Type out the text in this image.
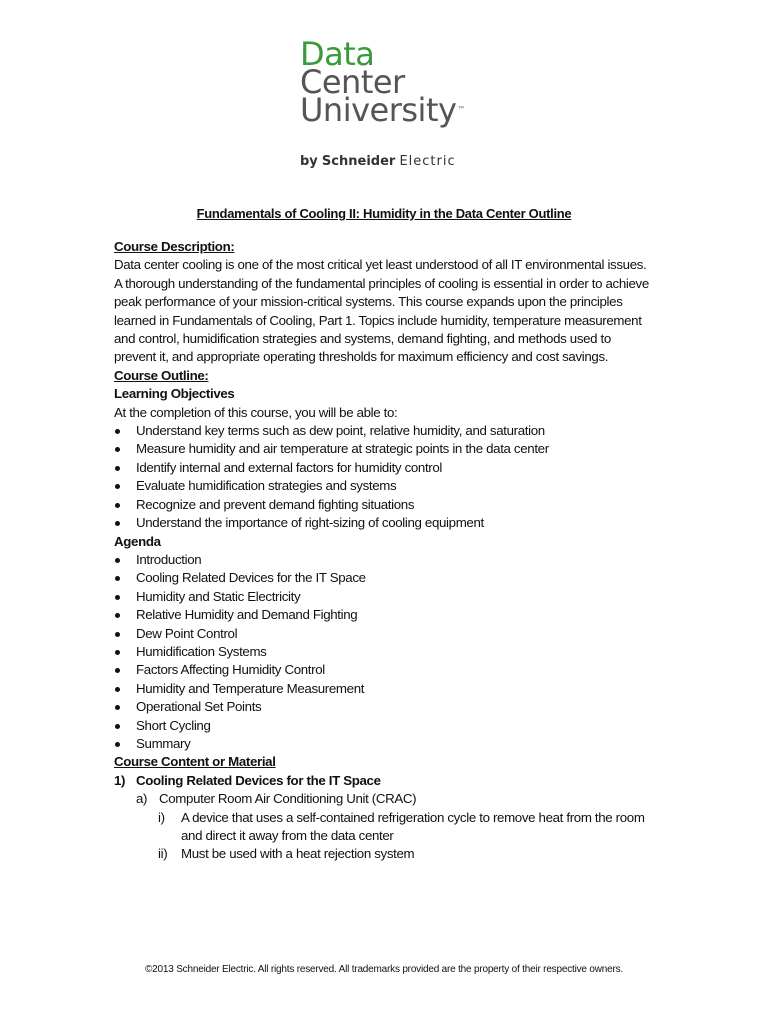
Data
Center
University™
by Schneider Electric
Fundamentals of Cooling II: Humidity in the Data Center Outline

Course Description:

Data center cooling is one of the most critical yet least understood of all IT environmental issues. A thorough understanding of the fundamental principles of cooling is essential in order to achieve peak performance of your mission-critical systems. This course expands upon the principles learned in Fundamentals of Cooling, Part 1. Topics include humidity, temperature measurement and control, humidification strategies and systems, demand fighting, and methods used to prevent it, and appropriate operating thresholds for maximum efficiency and cost savings.

Course Outline:

Learning Objectives

At the completion of this course, you will be able to:

Understand key terms such as dew point, relative humidity, and saturation
Measure humidity and air temperature at strategic points in the data center
Identify internal and external factors for humidity control
Evaluate humidification strategies and systems
Recognize and prevent demand fighting situations
Understand the importance of right-sizing of cooling equipment

Agenda

Introduction
Cooling Related Devices for the IT Space
Humidity and Static Electricity
Relative Humidity and Demand Fighting
Dew Point Control
Humidification Systems
Factors Affecting Humidity Control
Humidity and Temperature Measurement
Operational Set Points
Short Cycling
Summary

Course Content or Material

1) Cooling Related Devices for the IT Space
a) Computer Room Air Conditioning Unit (CRAC)
i) A device that uses a self-contained refrigeration cycle to remove heat from the room and direct it away from the data center
ii) Must be used with a heat rejection system
©2013 Schneider Electric. All rights reserved. All trademarks provided are the property of their respective owners.
